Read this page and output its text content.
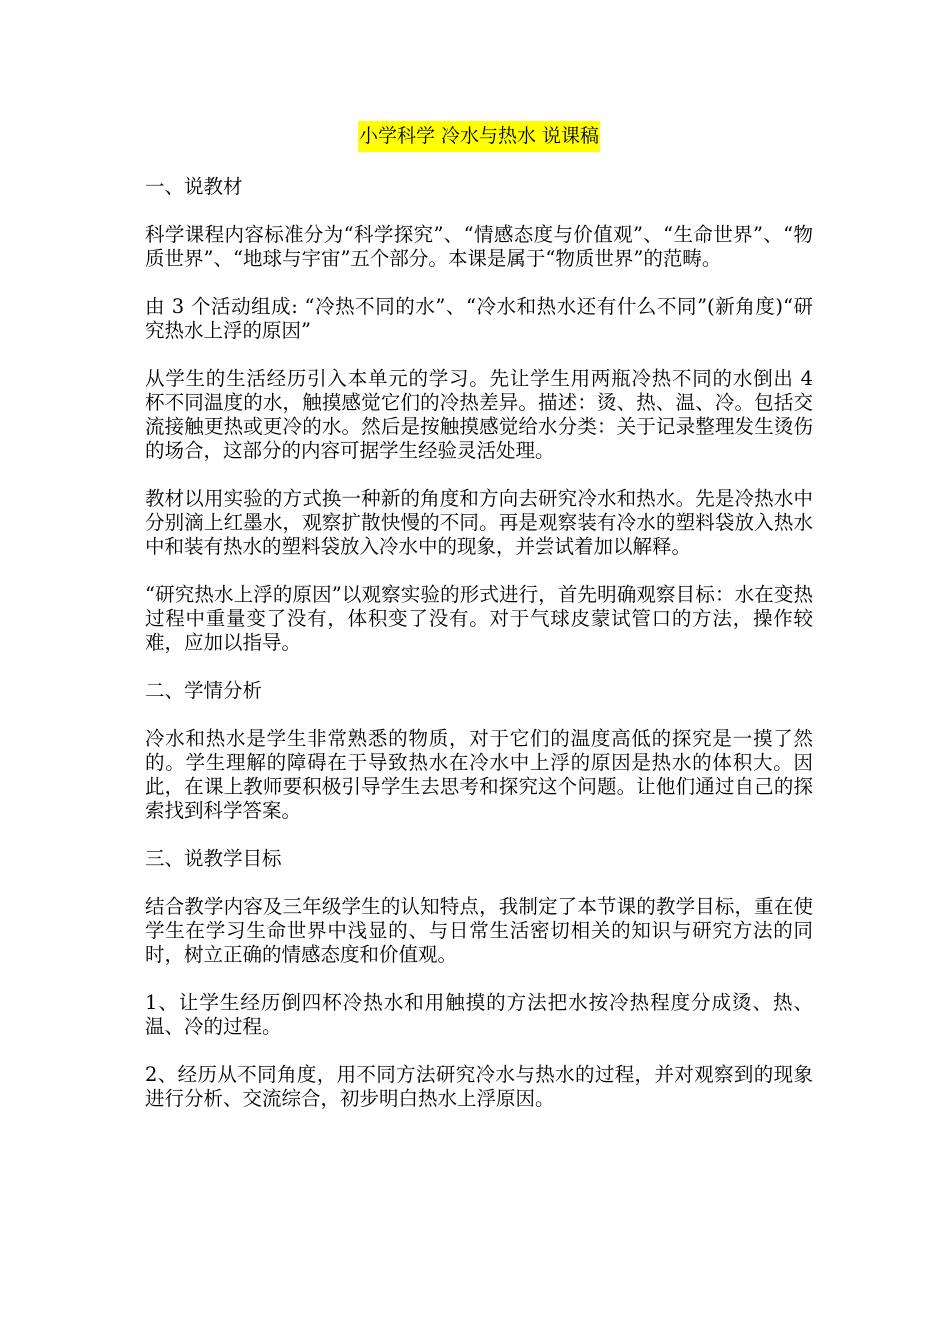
小学科学 冷水与热水 说课稿
一、说教材
科学课程内容标准分为“科学探究”、“情感态度与价值观”、“生命世界”、“物质世界”、“地球与宇宙”五个部分。本课是属于“物质世界”的范畴。
由 3 个活动组成: “冷热不同的水”、“冷水和热水还有什么不同”(新角度)“研究热水上浮的原因”
从学生的生活经历引入本单元的学习。先让学生用两瓶冷热不同的水倒出 4 杯不同温度的水，触摸感觉它们的冷热差异。描述：烫、热、温、冷。包括交流接触更热或更冷的水。然后是按触摸感觉给水分类：关于记录整理发生烫伤的场合，这部分的内容可据学生经验灵活处理。
教材以用实验的方式换一种新的角度和方向去研究冷水和热水。先是冷热水中分别滴上红墨水，观察扩散快慢的不同。再是观察装有冷水的塑料袋放入热水中和装有热水的塑料袋放入冷水中的现象，并尝试着加以解释。
“研究热水上浮的原因”以观察实验的形式进行，首先明确观察目标：水在变热过程中重量变了没有，体积变了没有。对于气球皮蒙试管口的方法，操作较难，应加以指导。
二、学情分析
冷水和热水是学生非常熟悉的物质，对于它们的温度高低的探究是一摸了然的。学生理解的障碍在于导致热水在冷水中上浮的原因是热水的体积大。因此，在课上教师要积极引导学生去思考和探究这个问题。让他们通过自己的探索找到科学答案。
三、说教学目标
结合教学内容及三年级学生的认知特点，我制定了本节课的教学目标，重在使学生在学习生命世界中浅显的、与日常生活密切相关的知识与研究方法的同时，树立正确的情感态度和价值观。
1、让学生经历倒四杯冷热水和用触摸的方法把水按冷热程度分成烫、热、温、冷的过程。
2、经历从不同角度，用不同方法研究冷水与热水的过程，并对观察到的现象进行分析、交流综合，初步明白热水上浮原因。
